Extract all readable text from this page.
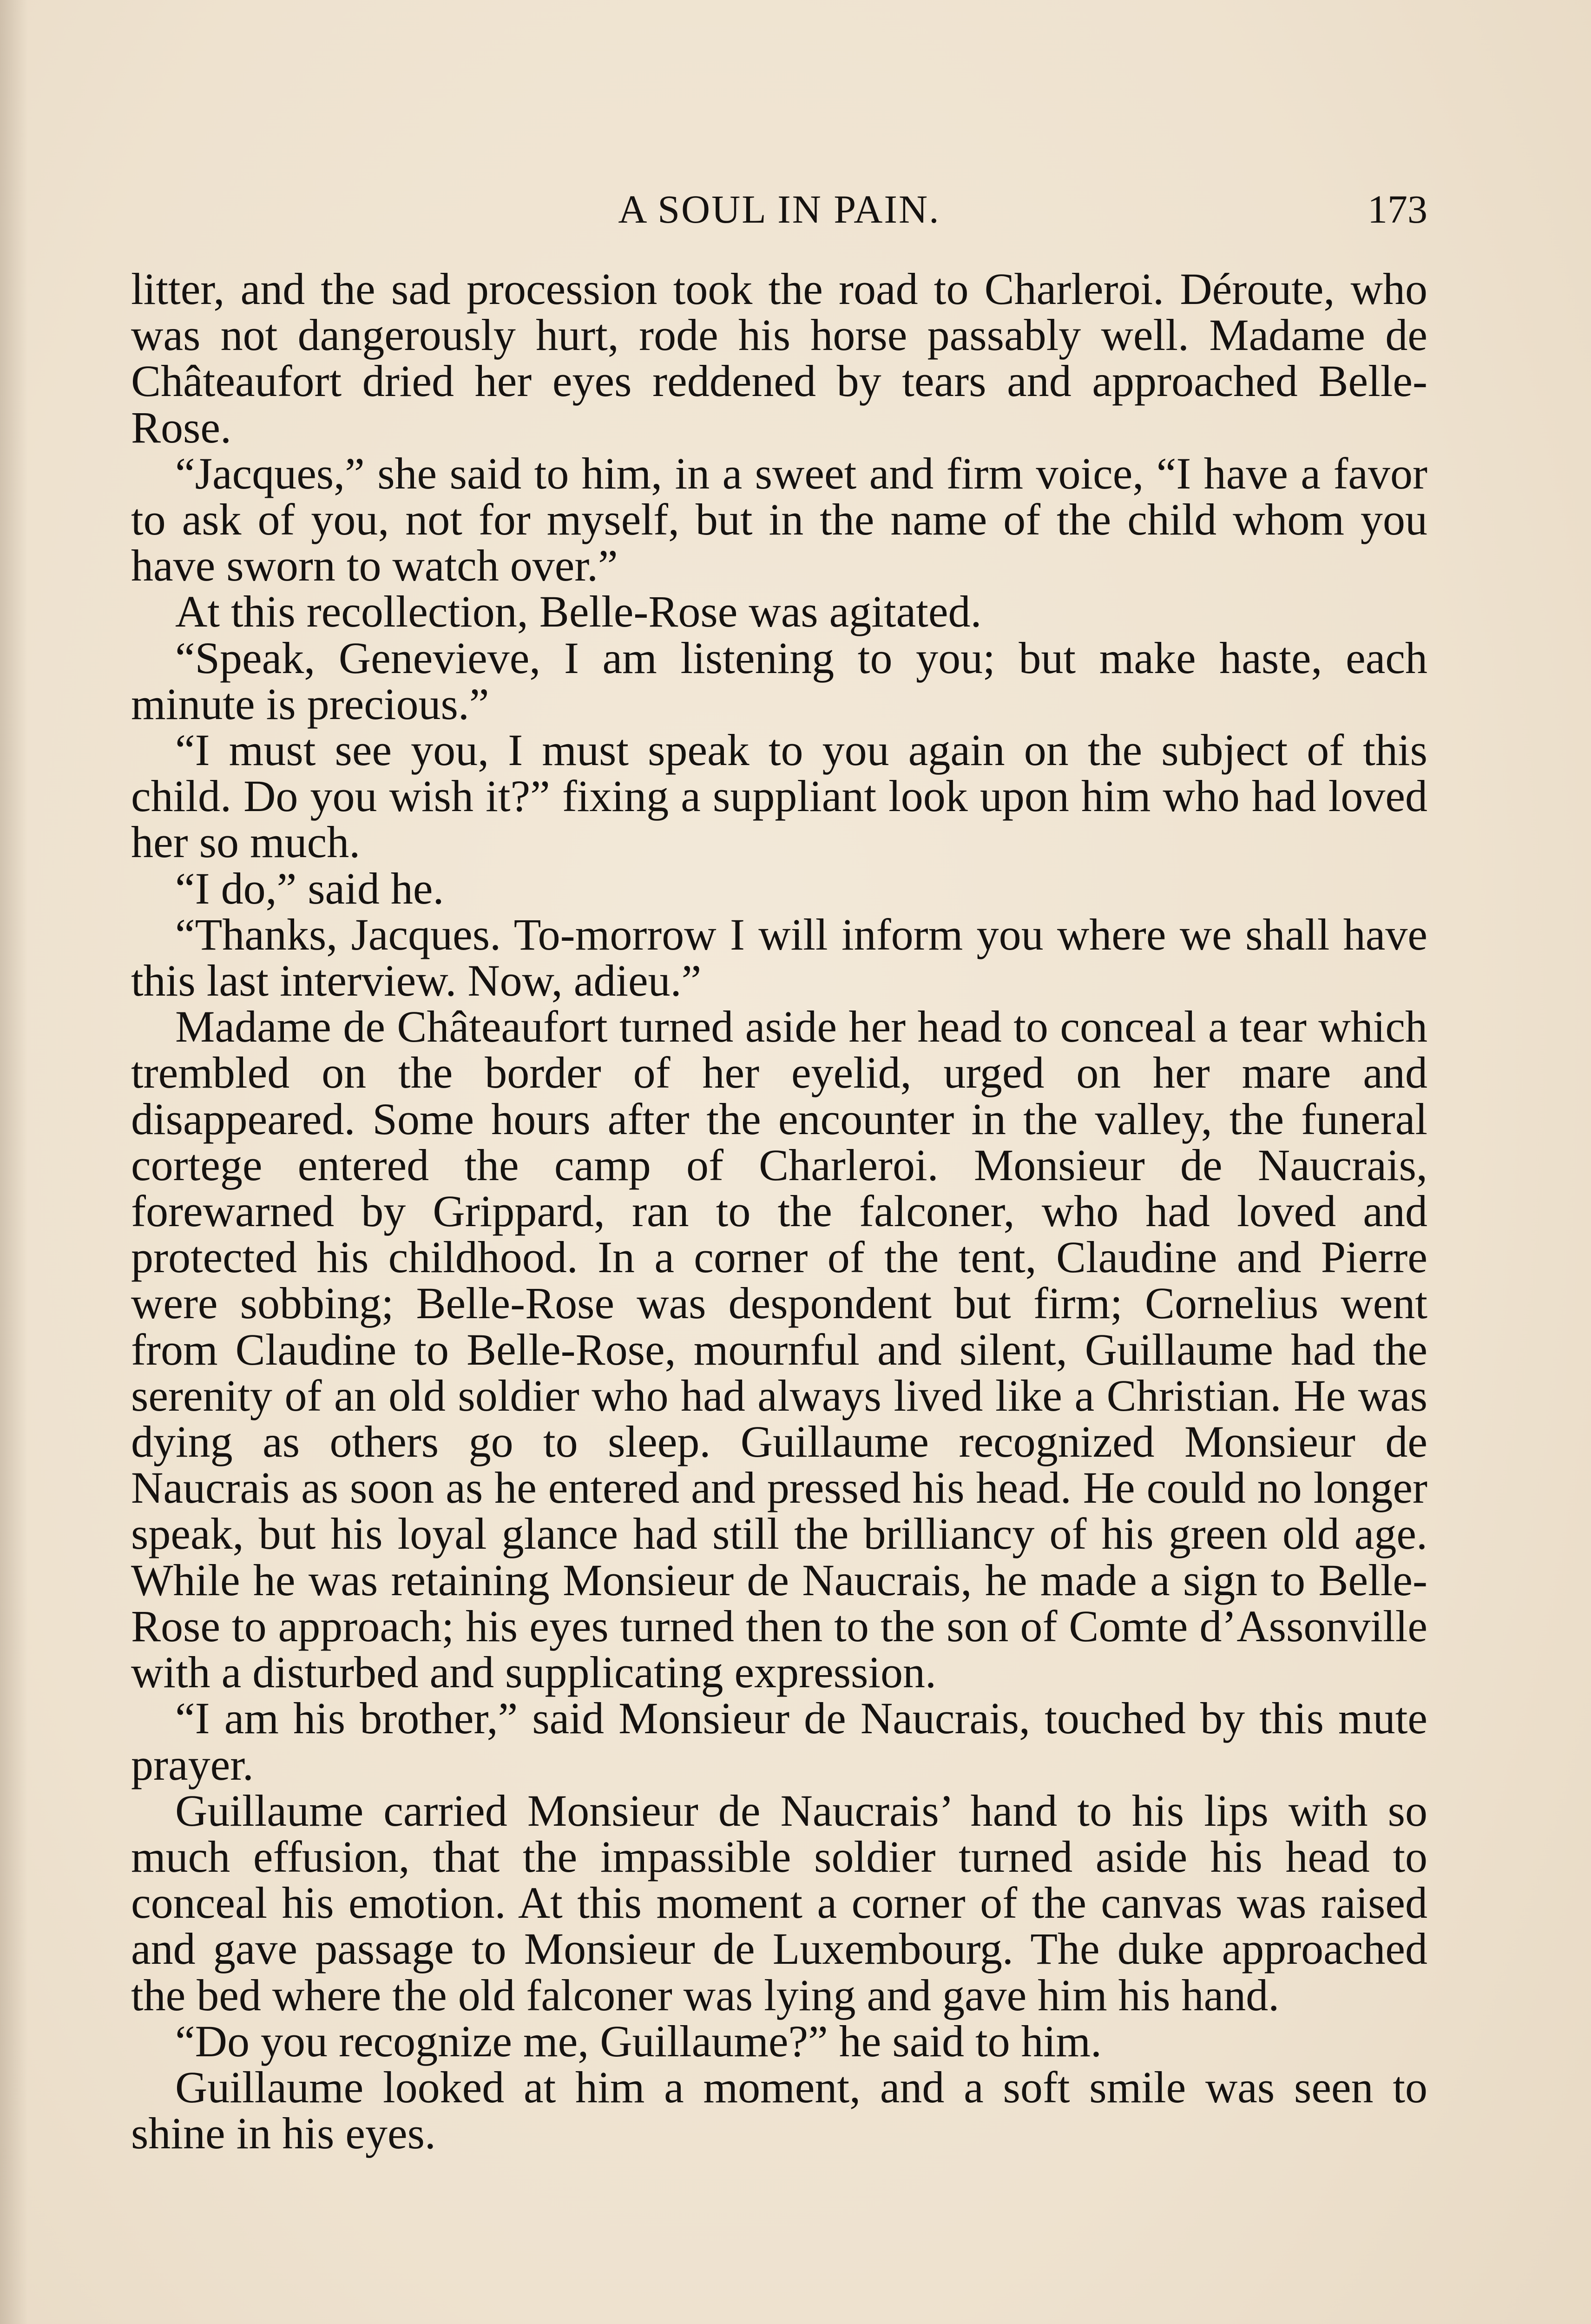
A SOUL IN PAIN.	173

litter, and the sad procession took the road to Charleroi. Déroute, who was not dangerously hurt, rode his horse passably well. Madame de Châteaufort dried her eyes reddened by tears and approached Belle-Rose.

“Jacques,” she said to him, in a sweet and firm voice, “I have a favor to ask of you, not for myself, but in the name of the child whom you have sworn to watch over.”

At this recollection, Belle-Rose was agitated.

“Speak, Genevieve, I am listening to you; but make haste, each minute is precious.”

“I must see you, I must speak to you again on the subject of this child. Do you wish it?” fixing a suppliant look upon him who had loved her so much.

“I do,” said he.

“Thanks, Jacques. To-morrow I will inform you where we shall have this last interview. Now, adieu.”

Madame de Châteaufort turned aside her head to conceal a tear which trembled on the border of her eyelid, urged on her mare and disappeared. Some hours after the encounter in the valley, the funeral cortege entered the camp of Charleroi. Monsieur de Naucrais, forewarned by Grippard, ran to the falconer, who had loved and protected his childhood. In a corner of the tent, Claudine and Pierre were sobbing; Belle-Rose was despondent but firm; Cornelius went from Claudine to Belle-Rose, mournful and silent, Guillaume had the serenity of an old soldier who had always lived like a Christian. He was dying as others go to sleep. Guillaume recognized Monsieur de Naucrais as soon as he entered and pressed his head. He could no longer speak, but his loyal glance had still the brilliancy of his green old age. While he was retaining Monsieur de Naucrais, he made a sign to Belle-Rose to approach; his eyes turned then to the son of Comte d’Assonville with a disturbed and supplicating expression.

“I am his brother,” said Monsieur de Naucrais, touched by this mute prayer.

Guillaume carried Monsieur de Naucrais’ hand to his lips with so much effusion, that the impassible soldier turned aside his head to conceal his emotion. At this moment a corner of the canvas was raised and gave passage to Monsieur de Luxembourg. The duke approached the bed where the old falconer was lying and gave him his hand.

“Do you recognize me, Guillaume?” he said to him.

Guillaume looked at him a moment, and a soft smile was seen to shine in his eyes.
